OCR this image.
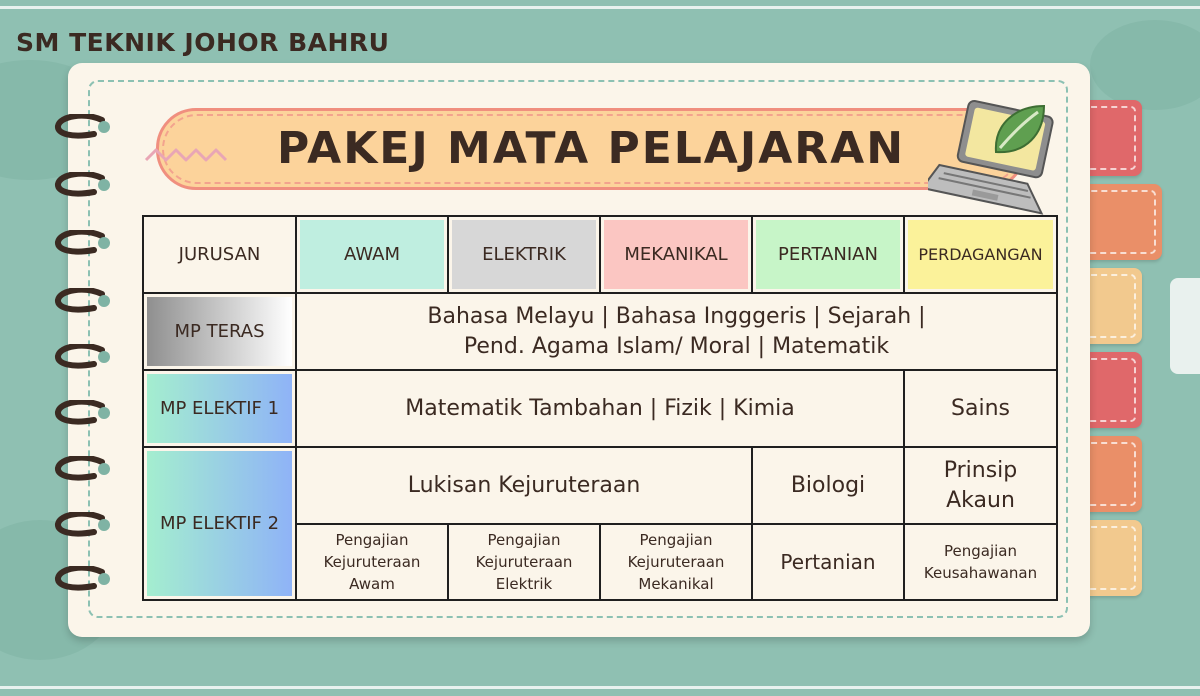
SM TEKNIK JOHOR BAHRU
PAKEJ MATA PELAJARAN
JURUSAN	AWAM	ELEKTRIK	MEKANIKAL	PERTANIAN	PERDAGANGAN

MP TERAS	Bahasa Melayu | Bahasa Ingggeris | Sejarah |
Pend. Agama Islam/ Moral | Matematik				

MP ELEKTIF 1	Matematik Tambahan | Fizik | Kimia				Sains

MP ELEKTIF 2	Lukisan Kejuruteraan			Biologi	Prinsip Akaun
	Pengajian Kejuruteraan Awam	Pengajian Kejuruteraan Elektrik	Pengajian Kejuruteraan Mekanikal	Pertanian	Pengajian Keusahawanan
